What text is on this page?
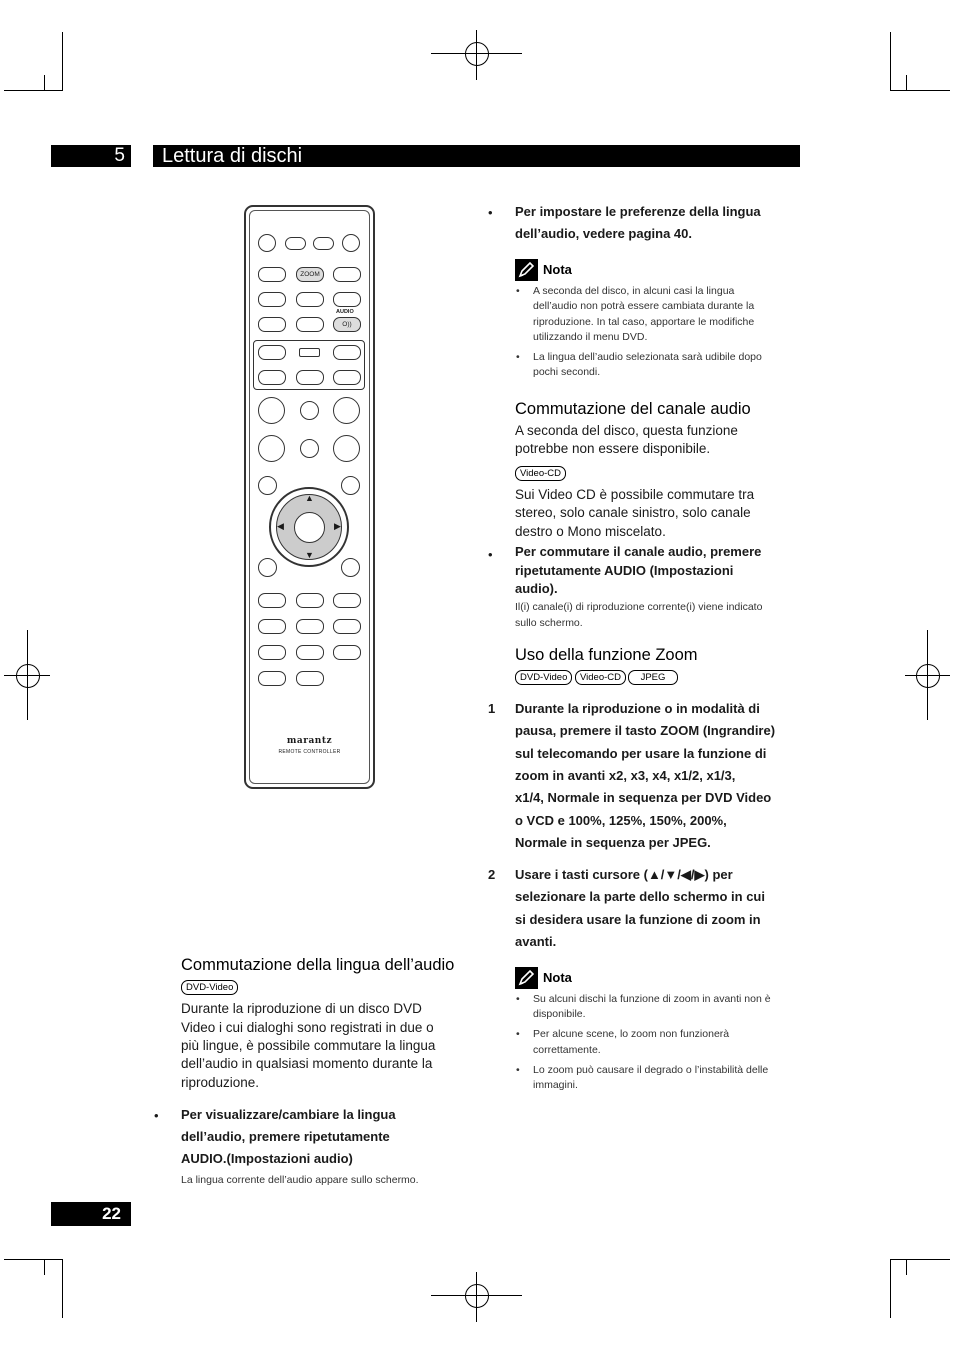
5	Lettura di dischi
ZOOM
AUDIO
O))
▲
▼
◀	▶
marantz
REMOTE CONTROLLER
Commutazione della lingua dell’audio
DVD-Video
Durante la riproduzione di un disco DVD
Video i cui dialoghi sono registrati in due o
più lingue, è possibile commutare la lingua
dell’audio in qualsiasi momento durante la
riproduzione.
• Per visualizzare/cambiare la lingua
dell’audio, premere ripetutamente
AUDIO.(Impostazioni audio)
La lingua corrente dell’audio appare sullo schermo.
22
• Per impostare le preferenze della lingua
dell’audio, vedere pagina 40.
Nota
• A seconda del disco, in alcuni casi la lingua
dell’audio non potrà essere cambiata durante la
riproduzione. In tal caso, apportare le modifiche
utilizzando il menu DVD.
• La lingua dell’audio selezionata sarà udibile dopo
pochi secondi.
Commutazione del canale audio
A seconda del disco, questa funzione
potrebbe non essere disponibile.
Video-CD
Sui Video CD è possibile commutare tra
stereo, solo canale sinistro, solo canale
destro o Mono miscelato.
• Per commutare il canale audio, premere
ripetutamente AUDIO (Impostazioni
audio).
Il(i) canale(i) di riproduzione corrente(i) viene indicato
sullo schermo.
Uso della funzione Zoom
DVD-Video	Video-CD	JPEG
1 Durante la riproduzione o in modalità di
pausa, premere il tasto ZOOM (Ingrandire)
sul telecomando per usare la funzione di
zoom in avanti x2, x3, x4, x1/2, x1/3,
x1/4, Normale in sequenza per DVD Video
o VCD e 100%, 125%, 150%, 200%,
Normale in sequenza per JPEG.
2 Usare i tasti cursore (▲/▼/◀/▶) per
selezionare la parte dello schermo in cui
si desidera usare la funzione di zoom in
avanti.
Nota
• Su alcuni dischi la funzione di zoom in avanti non è
disponibile.
• Per alcune scene, lo zoom non funzionerà
correttamente.
• Lo zoom può causare il degrado o l’instabilità delle
immagini.
